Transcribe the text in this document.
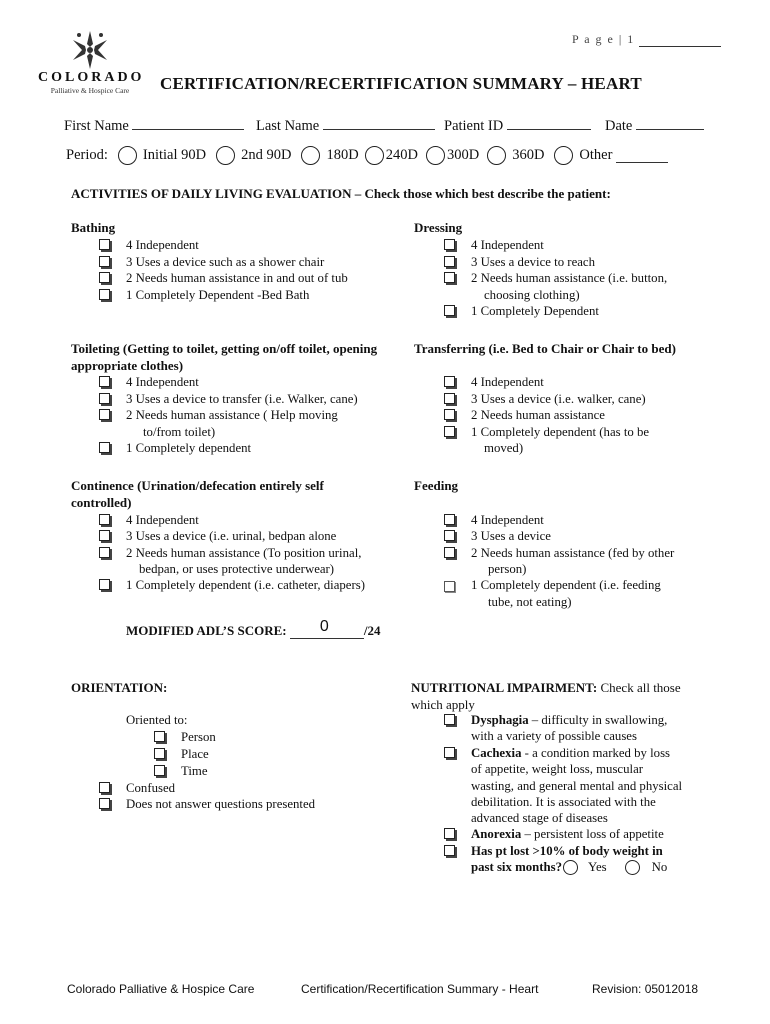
P a g e | 1
COLORADO
Palliative & Hospice Care	CERTIFICATION/RECERTIFICATION SUMMARY – HEART
First Name	Last Name	Patient ID	Date
Period: Initial 90D 2nd 90D 180D 240D 300D 360D Other
ACTIVITIES OF DAILY LIVING EVALUATION – Check those which best describe the patient:
Bathing
4 Independent
3 Uses a device such as a shower chair
2 Needs human assistance in and out of tub
1 Completely Dependent -Bed Bath
Dressing
4 Independent
3 Uses a device to reach
2 Needs human assistance (i.e. button,
choosing clothing)
1 Completely Dependent
Toileting (Getting to toilet, getting on/off toilet, opening
appropriate clothes)
4 Independent
3 Uses a device to transfer (i.e. Walker, cane)
2 Needs human assistance ( Help moving
to/from toilet)
1 Completely dependent
Transferring (i.e. Bed to Chair or Chair to bed)
4 Independent
3 Uses a device (i.e. walker, cane)
2 Needs human assistance
1 Completely dependent (has to be
moved)
Continence (Urination/defecation entirely self
controlled)
4 Independent
3 Uses a device (i.e. urinal, bedpan alone
2 Needs human assistance (To position urinal,
bedpan, or uses protective underwear)
1 Completely dependent (i.e. catheter, diapers)
Feeding
4 Independent
3 Uses a device
2 Needs human assistance (fed by other
person)
1 Completely dependent (i.e. feeding
tube, not eating)
MODIFIED ADL’S SCORE: 0	/24
ORIENTATION:
Oriented to:
Person
Place
Time
Confused
Does not answer questions presented
NUTRITIONAL IMPAIRMENT: Check all those
which apply
Dysphagia – difficulty in swallowing,
with a variety of possible causes
Cachexia - a condition marked by loss
of appetite, weight loss, muscular
wasting, and general mental and physical
debilitation. It is associated with the
advanced stage of diseases
Anorexia – persistent loss of appetite
Has pt lost >10% of body weight in
past six months? Yes	No
Colorado Palliative & Hospice Care	Certification/Recertification Summary - Heart	Revision: 05012018
